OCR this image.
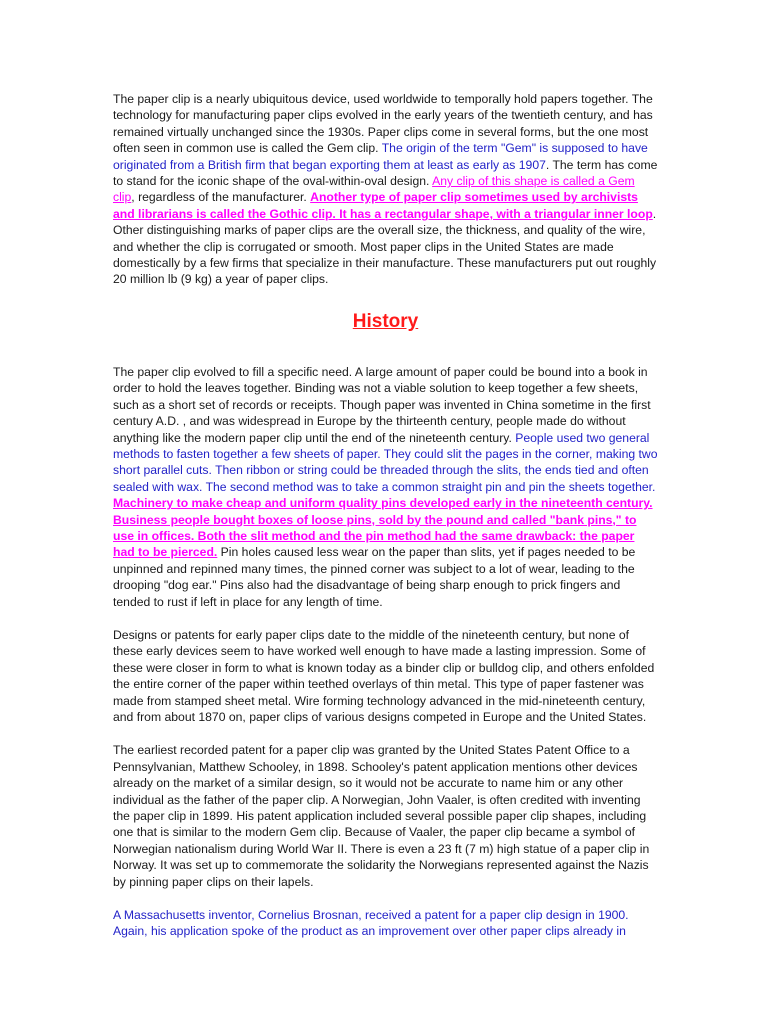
The paper clip is a nearly ubiquitous device, used worldwide to temporally hold papers together. The technology for manufacturing paper clips evolved in the early years of the twentieth century, and has remained virtually unchanged since the 1930s. Paper clips come in several forms, but the one most often seen in common use is called the Gem clip. The origin of the term "Gem" is supposed to have originated from a British firm that began exporting them at least as early as 1907. The term has come to stand for the iconic shape of the oval-within-oval design. Any clip of this shape is called a Gem clip, regardless of the manufacturer. Another type of paper clip sometimes used by archivists and librarians is called the Gothic clip. It has a rectangular shape, with a triangular inner loop. Other distinguishing marks of paper clips are the overall size, the thickness, and quality of the wire, and whether the clip is corrugated or smooth. Most paper clips in the United States are made domestically by a few firms that specialize in their manufacture. These manufacturers put out roughly 20 million lb (9 kg) a year of paper clips.

History

The paper clip evolved to fill a specific need. A large amount of paper could be bound into a book in order to hold the leaves together. Binding was not a viable solution to keep together a few sheets, such as a short set of records or receipts. Though paper was invented in China sometime in the first century A.D. , and was widespread in Europe by the thirteenth century, people made do without anything like the modern paper clip until the end of the nineteenth century. People used two general methods to fasten together a few sheets of paper. They could slit the pages in the corner, making two short parallel cuts. Then ribbon or string could be threaded through the slits, the ends tied and often sealed with wax. The second method was to take a common straight pin and pin the sheets together. Machinery to make cheap and uniform quality pins developed early in the nineteenth century. Business people bought boxes of loose pins, sold by the pound and called "bank pins," to use in offices. Both the slit method and the pin method had the same drawback: the paper had to be pierced. Pin holes caused less wear on the paper than slits, yet if pages needed to be unpinned and repinned many times, the pinned corner was subject to a lot of wear, leading to the drooping "dog ear." Pins also had the disadvantage of being sharp enough to prick fingers and tended to rust if left in place for any length of time.

Designs or patents for early paper clips date to the middle of the nineteenth century, but none of these early devices seem to have worked well enough to have made a lasting impression. Some of these were closer in form to what is known today as a binder clip or bulldog clip, and others enfolded the entire corner of the paper within teethed overlays of thin metal. This type of paper fastener was made from stamped sheet metal. Wire forming technology advanced in the mid-nineteenth century, and from about 1870 on, paper clips of various designs competed in Europe and the United States.

The earliest recorded patent for a paper clip was granted by the United States Patent Office to a Pennsylvanian, Matthew Schooley, in 1898. Schooley's patent application mentions other devices already on the market of a similar design, so it would not be accurate to name him or any other individual as the father of the paper clip. A Norwegian, John Vaaler, is often credited with inventing the paper clip in 1899. His patent application included several possible paper clip shapes, including one that is similar to the modern Gem clip. Because of Vaaler, the paper clip became a symbol of Norwegian nationalism during World War II. There is even a 23 ft (7 m) high statue of a paper clip in Norway. It was set up to commemorate the solidarity the Norwegians represented against the Nazis by pinning paper clips on their lapels.

A Massachusetts inventor, Cornelius Brosnan, received a patent for a paper clip design in 1900. Again, his application spoke of the product as an improvement over other paper clips already in
